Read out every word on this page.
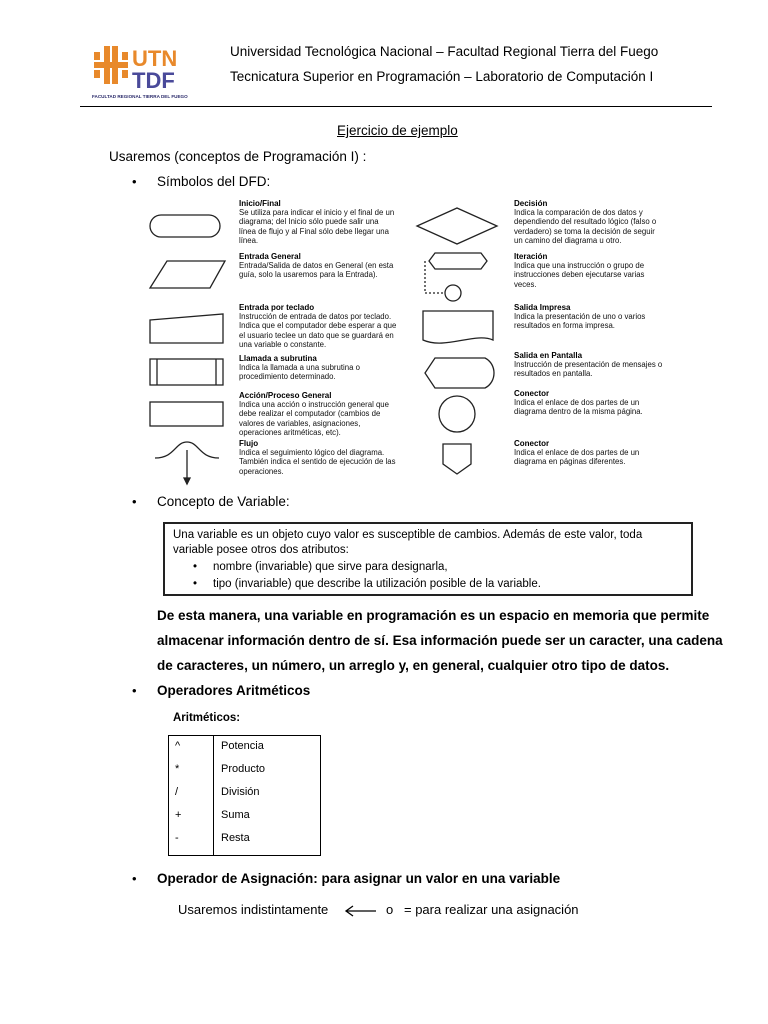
UTN
TDF
FACULTAD REGIONAL TIERRA DEL FUEGO
Universidad Tecnológica Nacional – Facultad Regional Tierra del Fuego
Tecnicatura Superior en Programación – Laboratorio de Computación I
Ejercicio de ejemplo
Usaremos (conceptos de Programación I) :
• Símbolos del DFD:
Inicio/Final
Entrada General
Entrada por teclado
Llamada a subrutina
Acción/Proceso General
Flujo
Decisión
Iteración
Salida Impresa
Salida en Pantalla
Conector
Conector
Se utiliza para indicar el inicio y el final de un diagrama; del Inicio sólo puede salir una línea de flujo y al Final sólo debe llegar una línea.
Entrada/Salida de datos en General (en esta guía, solo la usaremos para la Entrada).
Instrucción de entrada de datos por teclado. Indica que el computador debe esperar a que el usuario teclee un dato que se guardará en una variable o constante.
Indica la llamada a una subrutina o procedimiento determinado.
Indica una acción o instrucción general que debe realizar el computador (cambios de valores de variables, asignaciones, operaciones aritméticas, etc).
Indica el seguimiento lógico del diagrama. También indica el sentido de ejecución de las operaciones.
Indica la comparación de dos datos y dependiendo del resultado lógico (falso o verdadero) se toma la decisión de seguir un camino del diagrama u otro.
Indica que una instrucción o grupo de instrucciones deben ejecutarse varias veces.
Indica la presentación de uno o varios resultados en forma impresa.
Instrucción de presentación de mensajes o resultados en pantalla.
Indica el enlace de dos partes de un diagrama dentro de la misma página.
Indica el enlace de dos partes de un diagrama en páginas diferentes.
• Concepto de Variable:
Una variable es un objeto cuyo valor es susceptible de cambios. Además de este valor, toda
variable posee otros dos atributos:
• nombre (invariable) que sirve para designarla,
• tipo (invariable) que describe la utilización posible de la variable.
De esta manera, una variable en programación es un espacio en memoria que permite
almacenar información dentro de sí. Esa información puede ser un caracter, una cadena
de caracteres, un número, un arreglo y, en general, cualquier otro tipo de datos.
• Operadores Aritméticos
Aritméticos:
^	Potencia
*	Producto
/	División
+	Suma
-	Resta
• Operador de Asignación: para asignar un valor en una variable
Usaremos indistintamente	o = para realizar una asignación
